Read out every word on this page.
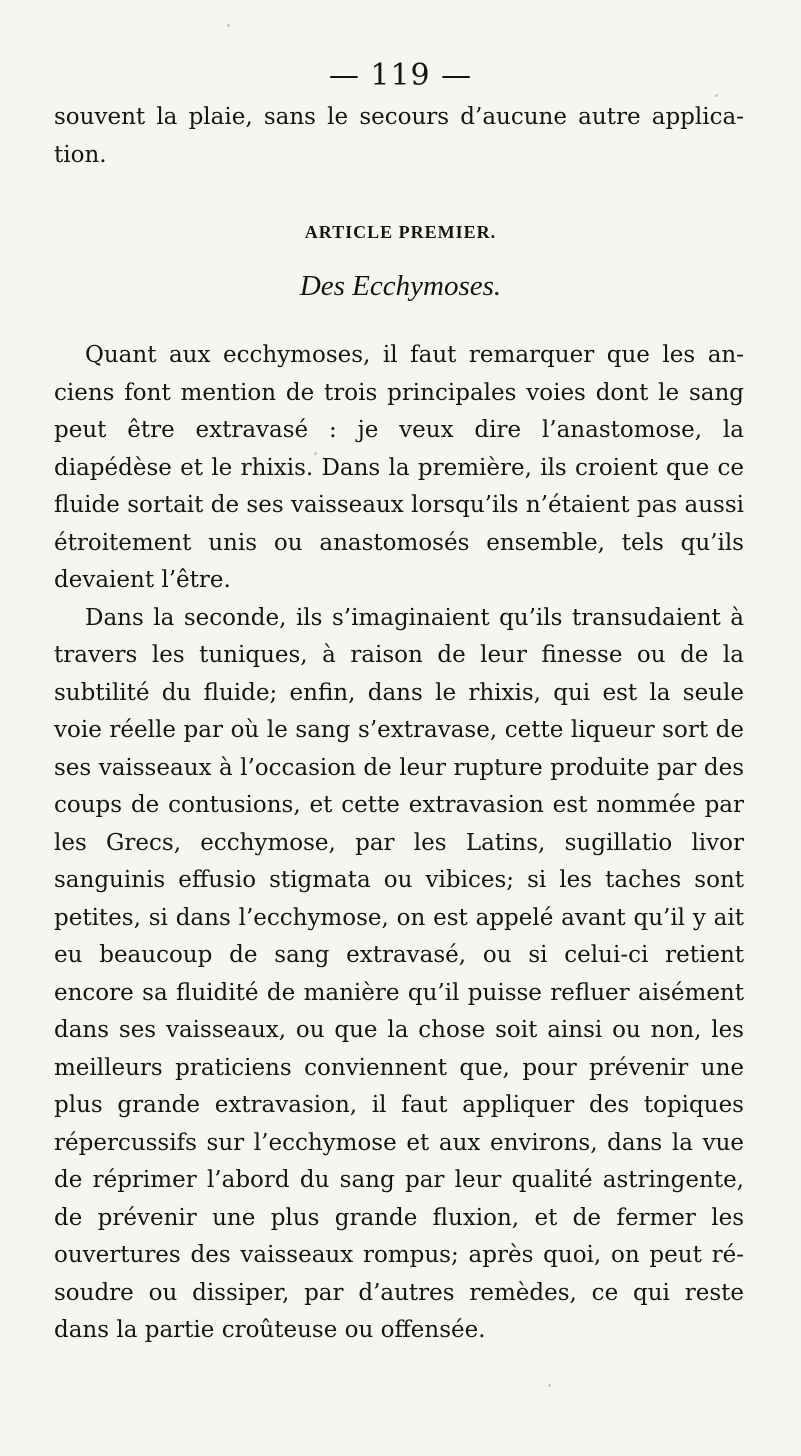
— 119 —

souvent la plaie, sans le secours d’aucune autre applica- tion.

ARTICLE PREMIER.
Des Ecchymoses.

Quant aux ecchymoses, il faut remarquer que les an- ciens font mention de trois principales voies dont le sang peut être extravasé : je veux dire l’anastomose, la diapédèse et le rhixis. Dans la première, ils croient que ce fluide sortait de ses vaisseaux lorsqu’ils n’étaient pas aussi étroitement unis ou anastomosés ensemble, tels qu’ils devaient l’être.

Dans la seconde, ils s’imaginaient qu’ils transudaient à travers les tuniques, à raison de leur finesse ou de la subtilité du fluide; enfin, dans le rhixis, qui est la seule voie réelle par où le sang s’extravase, cette liqueur sort de ses vaisseaux à l’occasion de leur rupture produite par des coups de contusions, et cette extravasion est nommée par les Grecs, ecchymose, par les Latins, sugillatio livor sanguinis effusio stigmata ou vibices; si les taches sont petites, si dans l’ecchymose, on est appelé avant qu’il y ait eu beaucoup de sang extravasé, ou si celui-ci retient encore sa fluidité de manière qu’il puisse refluer aisément dans ses vaisseaux, ou que la chose soit ainsi ou non, les meilleurs praticiens conviennent que, pour prévenir une plus grande extravasion, il faut appliquer des topiques répercussifs sur l’ecchymose et aux environs, dans la vue de réprimer l’abord du sang par leur qualité astringente, de prévenir une plus grande fluxion, et de fermer les ouvertures des vaisseaux rompus; après quoi, on peut ré- soudre ou dissiper, par d’autres remèdes, ce qui reste dans la partie croûteuse ou offensée.
